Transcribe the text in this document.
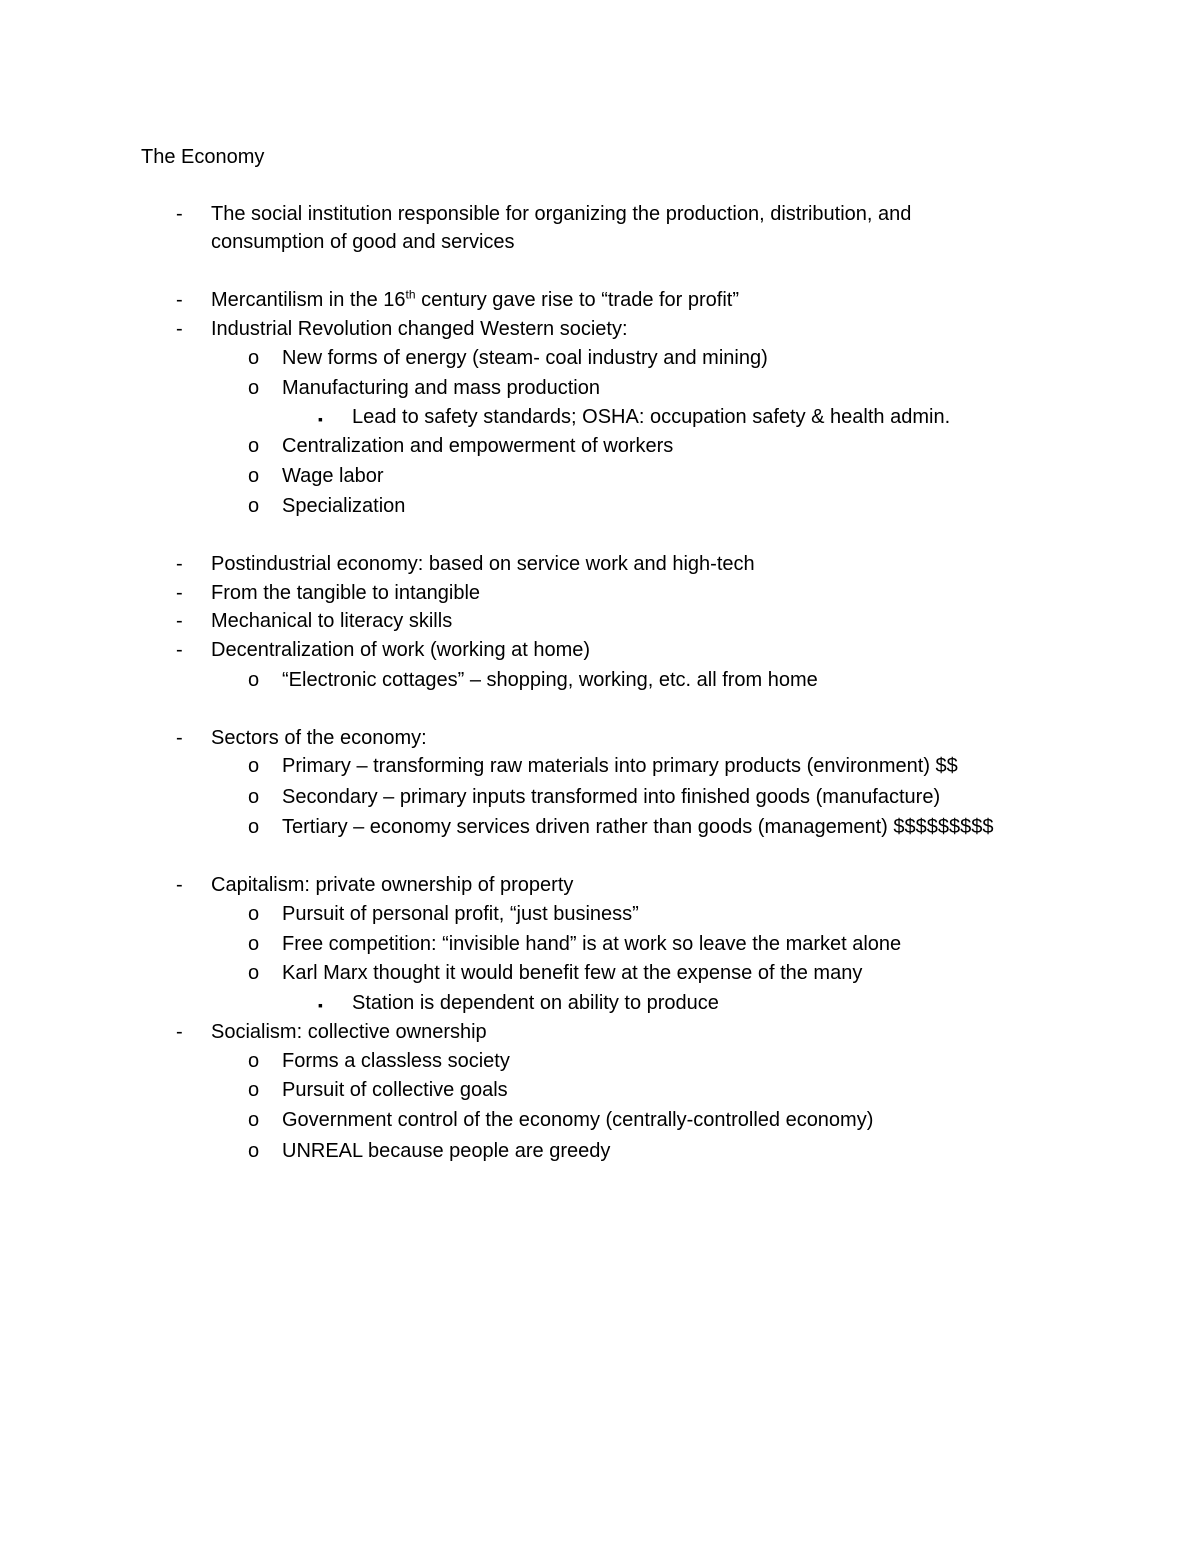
The Economy
- The social institution responsible for organizing the production, distribution, and
consumption of good and services
- Mercantilism in the 16th century gave rise to “trade for profit”
- Industrial Revolution changed Western society:
o New forms of energy (steam- coal industry and mining)
o Manufacturing and mass production
▪ Lead to safety standards; OSHA: occupation safety & health admin.
o Centralization and empowerment of workers
o Wage labor
o Specialization
- Postindustrial economy: based on service work and high-tech
- From the tangible to intangible
- Mechanical to literacy skills
- Decentralization of work (working at home)
o “Electronic cottages” – shopping, working, etc. all from home
- Sectors of the economy:
o Primary – transforming raw materials into primary products (environment) $$
o Secondary – primary inputs transformed into finished goods (manufacture)
o Tertiary – economy services driven rather than goods (management) $$$$$$$$$
- Capitalism: private ownership of property
o Pursuit of personal profit, “just business”
o Free competition: “invisible hand” is at work so leave the market alone
o Karl Marx thought it would benefit few at the expense of the many
▪ Station is dependent on ability to produce
- Socialism: collective ownership
o Forms a classless society
o Pursuit of collective goals
o Government control of the economy (centrally-controlled economy)
o UNREAL because people are greedy
